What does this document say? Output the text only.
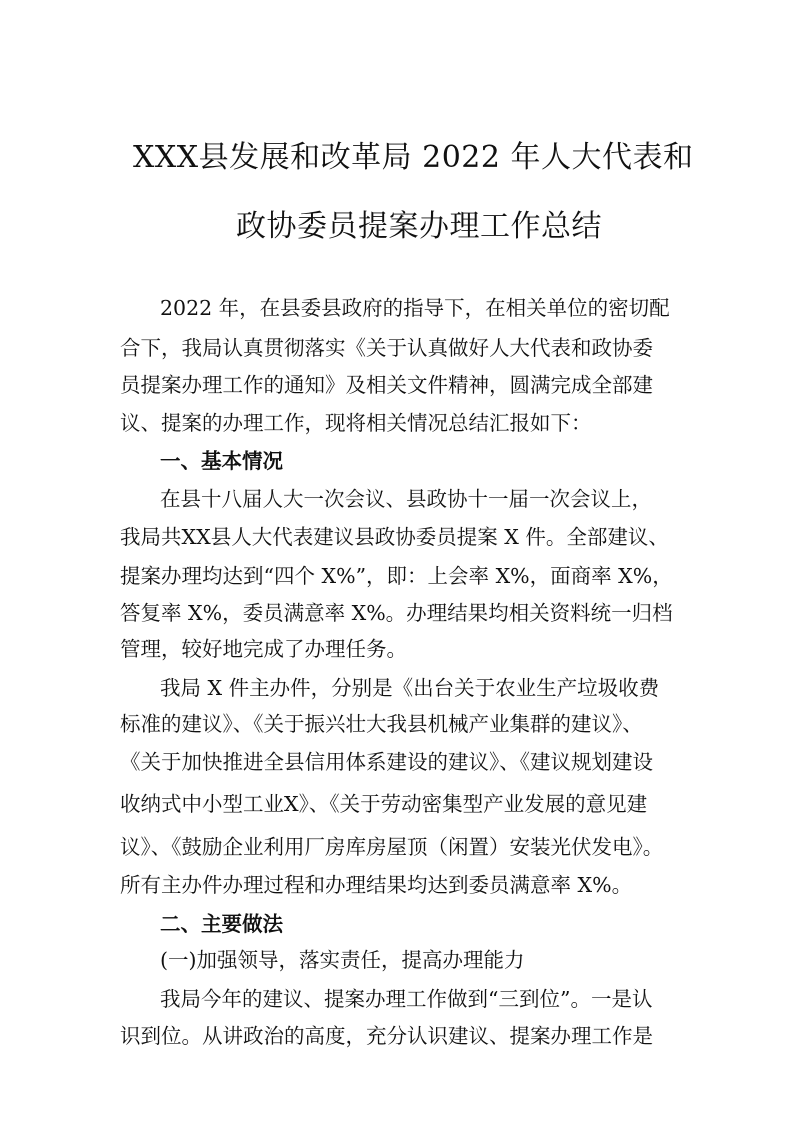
XXX县发展和改革局 2022 年人大代表和
政协委员提案办理工作总结
2022 年，在县委县政府的指导下，在相关单位的密切配
合下，我局认真贯彻落实《关于认真做好人大代表和政协委
员提案办理工作的通知》及相关文件精神，圆满完成全部建
议、提案的办理工作，现将相关情况总结汇报如下：
一、基本情况
在县十八届人大一次会议、县政协十一届一次会议上，
我局共XX县人大代表建议县政协委员提案 X 件。全部建议、
提案办理均达到“四个 X%”，即：上会率 X%，面商率 X%，
答复率 X%，委员满意率 X%。办理结果均相关资料统一归档
管理，较好地完成了办理任务。
我局 X 件主办件，分别是《出台关于农业生产垃圾收费
标准的建议》、《关于振兴壮大我县机械产业集群的建议》、
《关于加快推进全县信用体系建设的建议》、《建议规划建设
收纳式中小型工业X》、《关于劳动密集型产业发展的意见建
议》、《鼓励企业利用厂房库房屋顶（闲置）安装光伏发电》。
所有主办件办理过程和办理结果均达到委员满意率 X%。
二、主要做法
(一)加强领导，落实责任，提高办理能力
我局今年的建议、提案办理工作做到“三到位”。一是认
识到位。从讲政治的高度，充分认识建议、提案办理工作是
